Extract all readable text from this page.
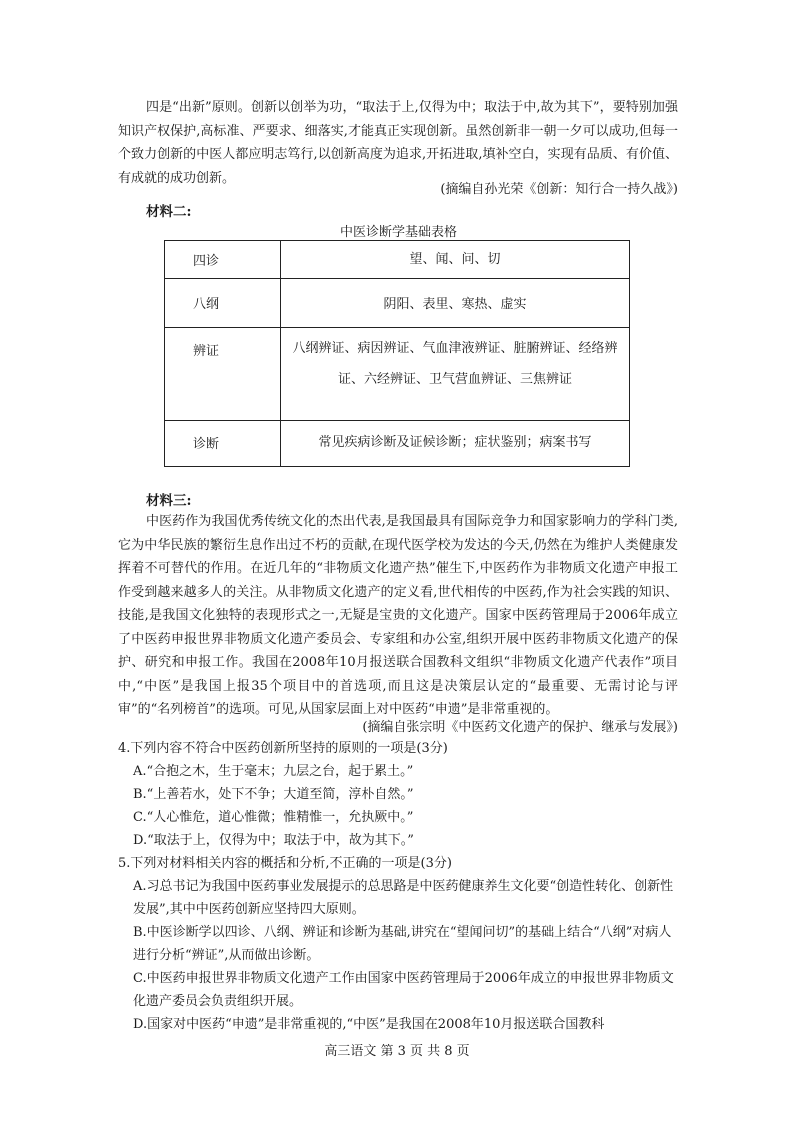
四是“出新”原则。创新以创举为功，“取法于上,仅得为中；取法于中,故为其下”，要特别加强知识产权保护,高标准、严要求、细落实,才能真正实现创新。虽然创新非一朝一夕可以成功,但每一个致力创新的中医人都应明志笃行,以创新高度为追求,开拓进取,填补空白，实现有品质、有价值、有成就的成功创新。

(摘编自孙光荣《创新：知行合一持久战》)
材料二:
中医诊断学基础表格
四诊	望、闻、问、切
八纲	阴阳、表里、寒热、虚实
辨证	八纲辨证、病因辨证、气血津液辨证、脏腑辨证、经络辨证、六经辨证、卫气营血辨证、三焦辨证
诊断	常见疾病诊断及证候诊断；症状鉴别；病案书写
材料三:

中医药作为我国优秀传统文化的杰出代表,是我国最具有国际竞争力和国家影响力的学科门类,它为中华民族的繁衍生息作出过不朽的贡献,在现代医学校为发达的今天,仍然在为维护人类健康发挥着不可替代的作用。在近几年的“非物质文化遗产热”催生下,中医药作为非物质文化遗产申报工作受到越来越多人的关注。从非物质文化遗产的定义看,世代相传的中医药,作为社会实践的知识、技能,是我国文化独特的表现形式之一,无疑是宝贵的文化遗产。国家中医药管理局于2006年成立了中医药申报世界非物质文化遗产委员会、专家组和办公室,组织开展中医药非物质文化遗产的保护、研究和申报工作。我国在2008年10月报送联合国教科文组织“非物质文化遗产代表作”项目中,“中医”是我国上报35个项目中的首选项,而且这是决策层认定的“最重要、无需讨论与评审”的“名列榜首”的选项。可见,从国家层面上对中医药“申遗”是非常重视的。

(摘编自张宗明《中医药文化遗产的保护、继承与发展》)

4.下列内容不符合中医药创新所坚持的原则的一项是(3分)

A.“合抱之木，生于毫末；九层之台，起于累土。”

B.“上善若水，处下不争；大道至简，淳朴自然。”

C.“人心惟危，道心惟微；惟精惟一，允执厥中。”

D.“取法于上，仅得为中；取法于中，故为其下。”

5.下列对材料相关内容的概括和分析,不正确的一项是(3分)

A.习总书记为我国中医药事业发展提示的总思路是中医药健康养生文化要“创造性转化、创新性发展”,其中中医药创新应坚持四大原则。

B.中医诊断学以四诊、八纲、辨证和诊断为基础,讲究在“望闻问切”的基础上结合“八纲”对病人进行分析“辨证”,从而做出诊断。

C.中医药申报世界非物质文化遗产工作由国家中医药管理局于2006年成立的申报世界非物质文化遗产委员会负责组织开展。

D.国家对中医药“申遗”是非常重视的,“中医”是我国在2008年10月报送联合国教科

高三语文 第 3 页 共 8 页
